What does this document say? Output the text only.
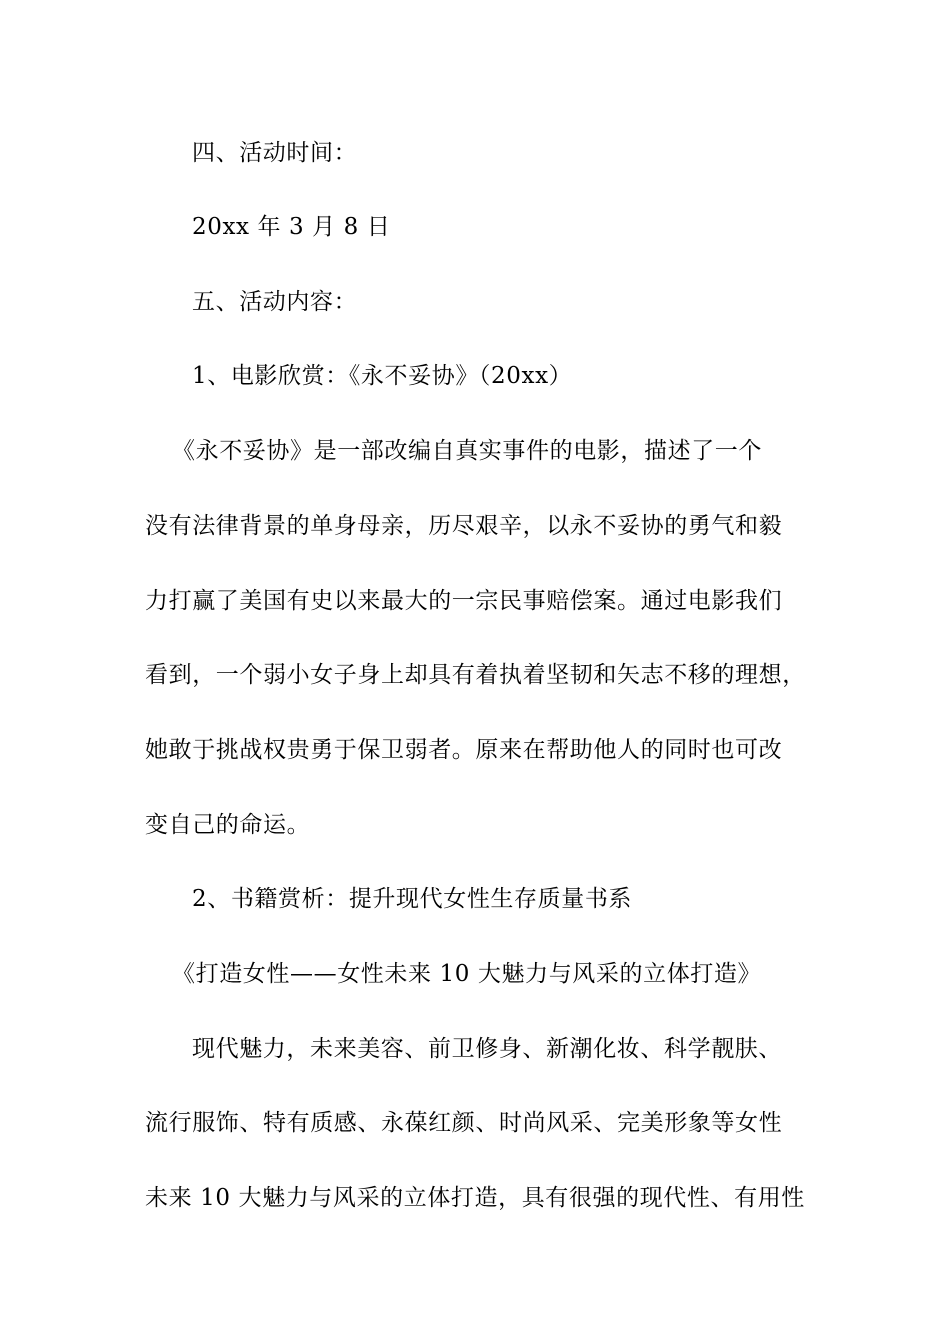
四、活动时间：
20xx 年 3 月 8 日
五、活动内容：
1、电影欣赏：《永不妥协》（20xx）
《永不妥协》是一部改编自真实事件的电影，描述了一个
没有法律背景的单身母亲，历尽艰辛，以永不妥协的勇气和毅
力打赢了美国有史以来最大的一宗民事赔偿案。通过电影我们
看到，一个弱小女子身上却具有着执着坚韧和矢志不移的理想，
她敢于挑战权贵勇于保卫弱者。原来在帮助他人的同时也可改
变自己的命运。
2、书籍赏析：提升现代女性生存质量书系
《打造女性——女性未来 10 大魅力与风采的立体打造》
现代魅力，未来美容、前卫修身、新潮化妆、科学靓肤、
流行服饰、特有质感、永葆红颜、时尚风采、完美形象等女性
未来 10 大魅力与风采的立体打造，具有很强的现代性、有用性
